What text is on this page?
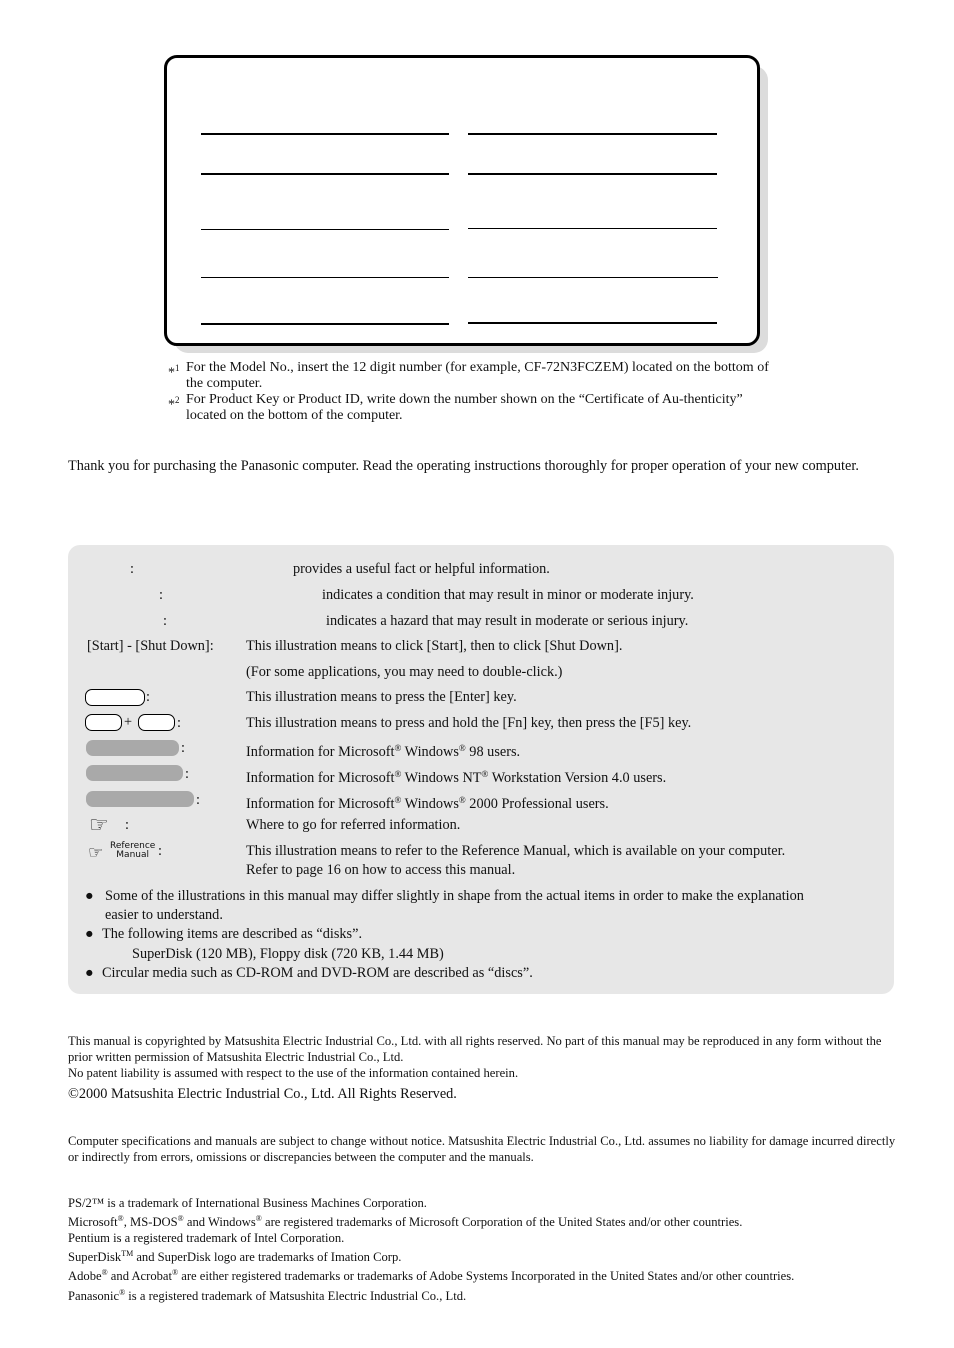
*$^1$ For the Model No., insert the 12 digit number (for example, CF-72N3FCZEM) located on the bottom of the computer.
*$^2$ For Product Key or Product ID, write down the number shown on the “Certificate of Au-thenticity” located on the bottom of the computer.
Thank you for purchasing the Panasonic computer. Read the operating instructions thoroughly for proper operation of your new computer.
:	provides a useful fact or helpful information.
:	indicates a condition that may result in minor or moderate injury.
:	indicates a hazard that may result in moderate or serious injury.
[Start] - [Shut Down]: This illustration means to click [Start], then to click [Shut Down].
(For some applications, you may need to double-click.)
:	This illustration means to press the [Enter] key.
+	:	This illustration means to press and hold the [Fn] key, then press the [F5] key.
:	Information for Microsoft® Windows® 98 users.
:	Information for Microsoft® Windows NT® Workstation Version 4.0 users.
:	Information for Microsoft® Windows® 2000 Professional users.
☞ :	Where to go for referred information.
☞ Reference
Manual :	This illustration means to refer to the Reference Manual, which is available on your computer.
Refer to page 16 on how to access this manual.
● Some of the illustrations in this manual may differ slightly in shape from the actual items in order to make the explanation
easier to understand.
● The following items are described as “disks”.
SuperDisk (120 MB), Floppy disk (720 KB, 1.44 MB)
● Circular media such as CD-ROM and DVD-ROM are described as “discs”.

This manual is copyrighted by Matsushita Electric Industrial Co., Ltd. with all rights reserved. No part of this manual may be reproduced in any form without the prior written permission of Matsushita Electric Industrial Co., Ltd.

No patent liability is assumed with respect to the use of the information contained herein.

©2000 Matsushita Electric Industrial Co., Ltd. All Rights Reserved.
Computer specifications and manuals are subject to change without notice. Matsushita Electric Industrial Co., Ltd. assumes no liability for damage incurred directly or indirectly from errors, omissions or discrepancies between the computer and the manuals.

PS/2™ is a trademark of International Business Machines Corporation.

Microsoft®, MS-DOS® and Windows® are registered trademarks of Microsoft Corporation of the United States and/or other countries.

Pentium is a registered trademark of Intel Corporation.

SuperDisk™ and SuperDisk logo are trademarks of Imation Corp.

Adobe® and Acrobat® are either registered trademarks or trademarks of Adobe Systems Incorporated in the United States and/or other countries.

Panasonic® is a registered trademark of Matsushita Electric Industrial Co., Ltd.
